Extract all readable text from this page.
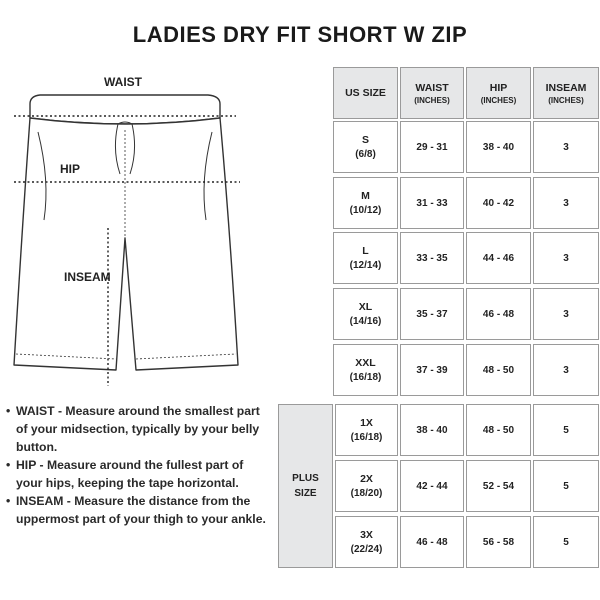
LADIES DRY FIT SHORT W ZIP
WAIST
HIP
INSEAM
• WAIST - Measure around the smallest part of your midsection, typically by your belly button.
• HIP - Measure around the fullest part of your hips, keeping the tape horizontal.
• INSEAM - Measure the distance from the uppermost part of your thigh to your ankle.
US SIZE	WAIST
(INCHES)
HIP
(INCHES)
INSEAM
(INCHES)
S
(6/8)
29 - 31	38 - 40	3
M
(10/12)
31 - 33	40 - 42	3
L
(12/14)
33 - 35	44 - 46	3
XL
(14/16)
35 - 37	46 - 48	3
XXL
(16/18)
37 - 39	48 - 50	3
PLUS
SIZE
1X
(16/18)
38 - 40	48 - 50	5
2X
(18/20)
42 - 44	52 - 54	5
3X
(22/24)
46 - 48	56 - 58	5
